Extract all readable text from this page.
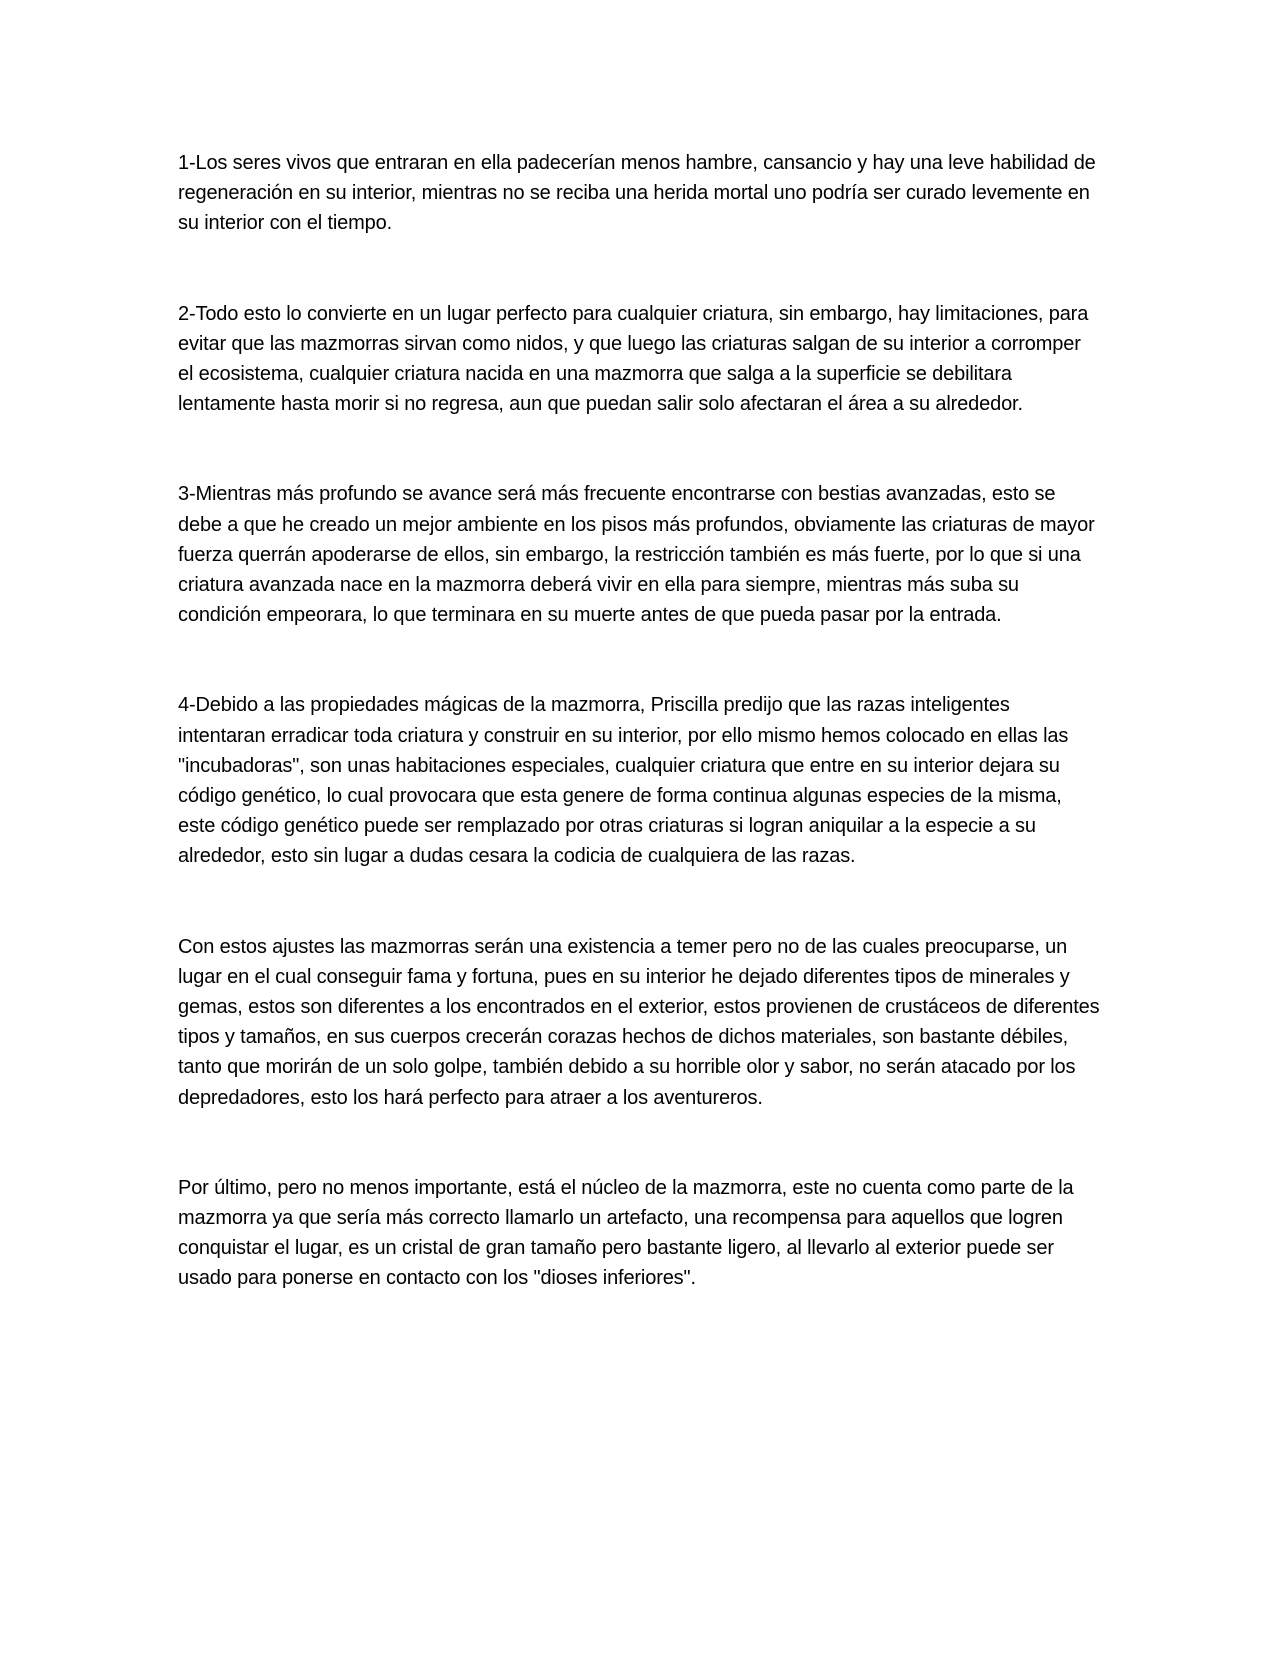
1-Los seres vivos que entraran en ella padecerían menos hambre, cansancio y hay una leve habilidad de regeneración en su interior, mientras no se reciba una herida mortal uno podría ser curado levemente en su interior con el tiempo.

2-Todo esto lo convierte en un lugar perfecto para cualquier criatura, sin embargo, hay limitaciones, para evitar que las mazmorras sirvan como nidos, y que luego las criaturas salgan de su interior a corromper el ecosistema, cualquier criatura nacida en una mazmorra que salga a la superficie se debilitara lentamente hasta morir si no regresa, aun que puedan salir solo afectaran el área a su alrededor.

3-Mientras más profundo se avance será más frecuente encontrarse con bestias avanzadas, esto se debe a que he creado un mejor ambiente en los pisos más profundos, obviamente las criaturas de mayor fuerza querrán apoderarse de ellos, sin embargo, la restricción también es más fuerte, por lo que si una criatura avanzada nace en la mazmorra deberá vivir en ella para siempre, mientras más suba su condición empeorara, lo que terminara en su muerte antes de que pueda pasar por la entrada.

4-Debido a las propiedades mágicas de la mazmorra, Priscilla predijo que las razas inteligentes intentaran erradicar toda criatura y construir en su interior, por ello mismo hemos colocado en ellas las "incubadoras", son unas habitaciones especiales, cualquier criatura que entre en su interior dejara su código genético, lo cual provocara que esta genere de forma continua algunas especies de la misma, este código genético puede ser remplazado por otras criaturas si logran aniquilar a la especie a su alrededor, esto sin lugar a dudas cesara la codicia de cualquiera de las razas.

Con estos ajustes las mazmorras serán una existencia a temer pero no de las cuales preocuparse, un lugar en el cual conseguir fama y fortuna, pues en su interior he dejado diferentes tipos de minerales y gemas, estos son diferentes a los encontrados en el exterior, estos provienen de crustáceos de diferentes tipos y tamaños, en sus cuerpos crecerán corazas hechos de dichos materiales, son bastante débiles, tanto que morirán de un solo golpe, también debido a su horrible olor y sabor, no serán atacado por los depredadores, esto los hará perfecto para atraer a los aventureros.

Por último, pero no menos importante, está el núcleo de la mazmorra, este no cuenta como parte de la mazmorra ya que sería más correcto llamarlo un artefacto, una recompensa para aquellos que logren conquistar el lugar, es un cristal de gran tamaño pero bastante ligero, al llevarlo al exterior puede ser usado para ponerse en contacto con los "dioses inferiores".
